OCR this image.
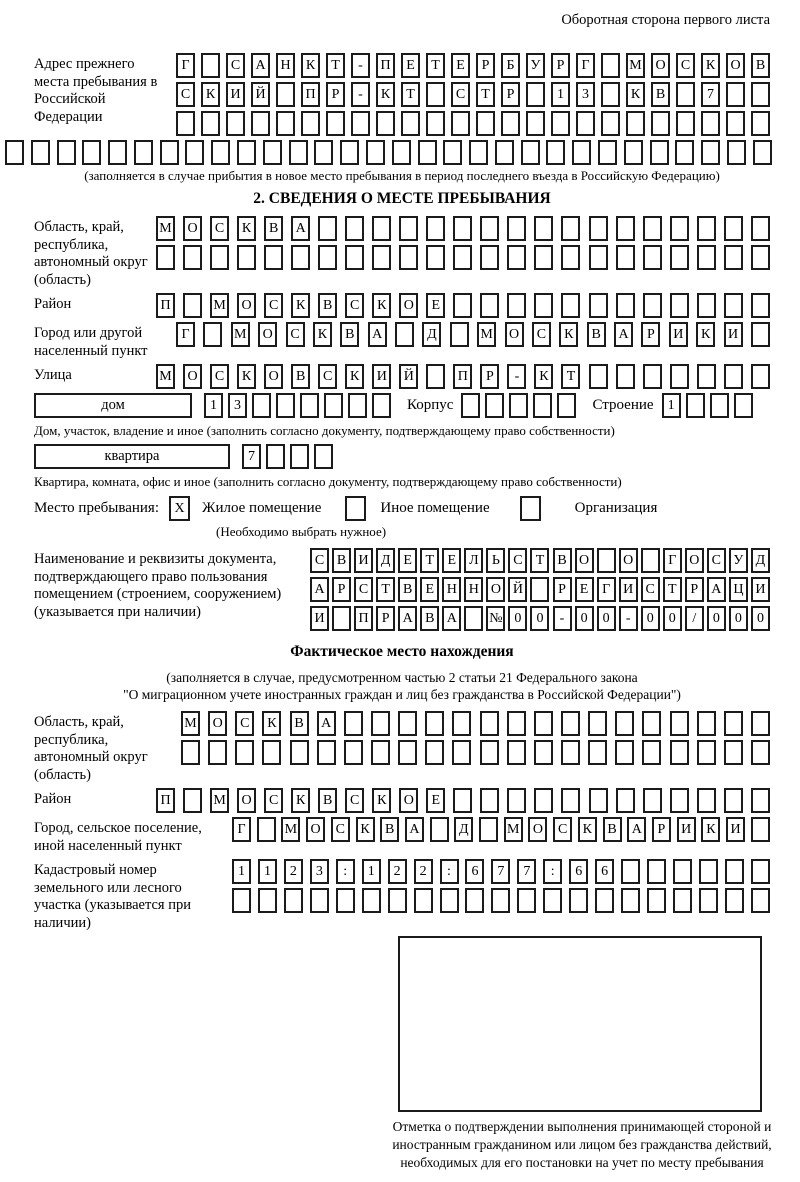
Оборотная сторона первого листа
Адрес прежнего места пребывания в Российской Федерации
Г	С	А	Н	К	Т	-	П	Е	Т	Е	Р	Б	У	Р	Г	М О	С	К	О	В
С	К	И	Й	П	Р	-	К	Т	С	Т	Р	1	3	К	В	7
(заполняется в случае прибытия в новое место пребывания в период последнего въезда в Российскую Федерацию)
2. СВЕДЕНИЯ О МЕСТЕ ПРЕБЫВАНИЯ
Область, край, республика, автономный округ (область)
М	О	С	К	В	А
Район	П	М	О	С	К	В	С	К	О	Е
Город или другой населенный пункт
Г	М	О	С	К	В	А	Д	М	О	С	К	В	А	Р	И	К	И
Улица	М	О	С	К	О	В	С	К	И	Й	П	Р	-	К	Т
дом	1	3	Корпус	Строение	1
Дом, участок, владение и иное (заполнить согласно документу, подтверждающему право собственности)
квартира	7
Квартира, комната, офис и иное (заполнить согласно документу, подтверждающему право собственности)
Место пребывания:	X	Жилое помещение	Иное помещение	Организация
(Необходимо выбрать нужное)
Наименование и реквизиты документа, подтверждающего право пользования помещением (строением, сооружением) (указывается при наличии)
С В И Д Е Т Е Л Ь С Т В О	О	Г О С У Д
А Р С Т В Е Н Н О Й	Р Е Г И С Т Р А Ц И
И	П Р А В А	№ 0	0	-	0	0	-	0	0	/	0	0	0
Фактическое место нахождения
(заполняется в случае, предусмотренном частью 2 статьи 21 Федерального закона
"О миграционном учете иностранных граждан и лиц без гражданства в Российской Федерации")
Область, край, республика, автономный округ (область)
М	О	С	К	В	А
Район	П	М	О	С	К	В	С	К	О	Е
Город, сельское поселение, иной населенный пункт
Г	М О	С	К	В	А	Д	М О	С	К	В	А	Р	И	К	И
Кадастровый номер земельного или лесного участка (указывается при наличии)
1	1	2	3	:	1	2	2	:	6	7	7	:	6	6
Отметка о подтверждении выполнения принимающей стороной и иностранным гражданином или лицом без гражданства действий, необходимых для его постановки на учет по месту пребывания
